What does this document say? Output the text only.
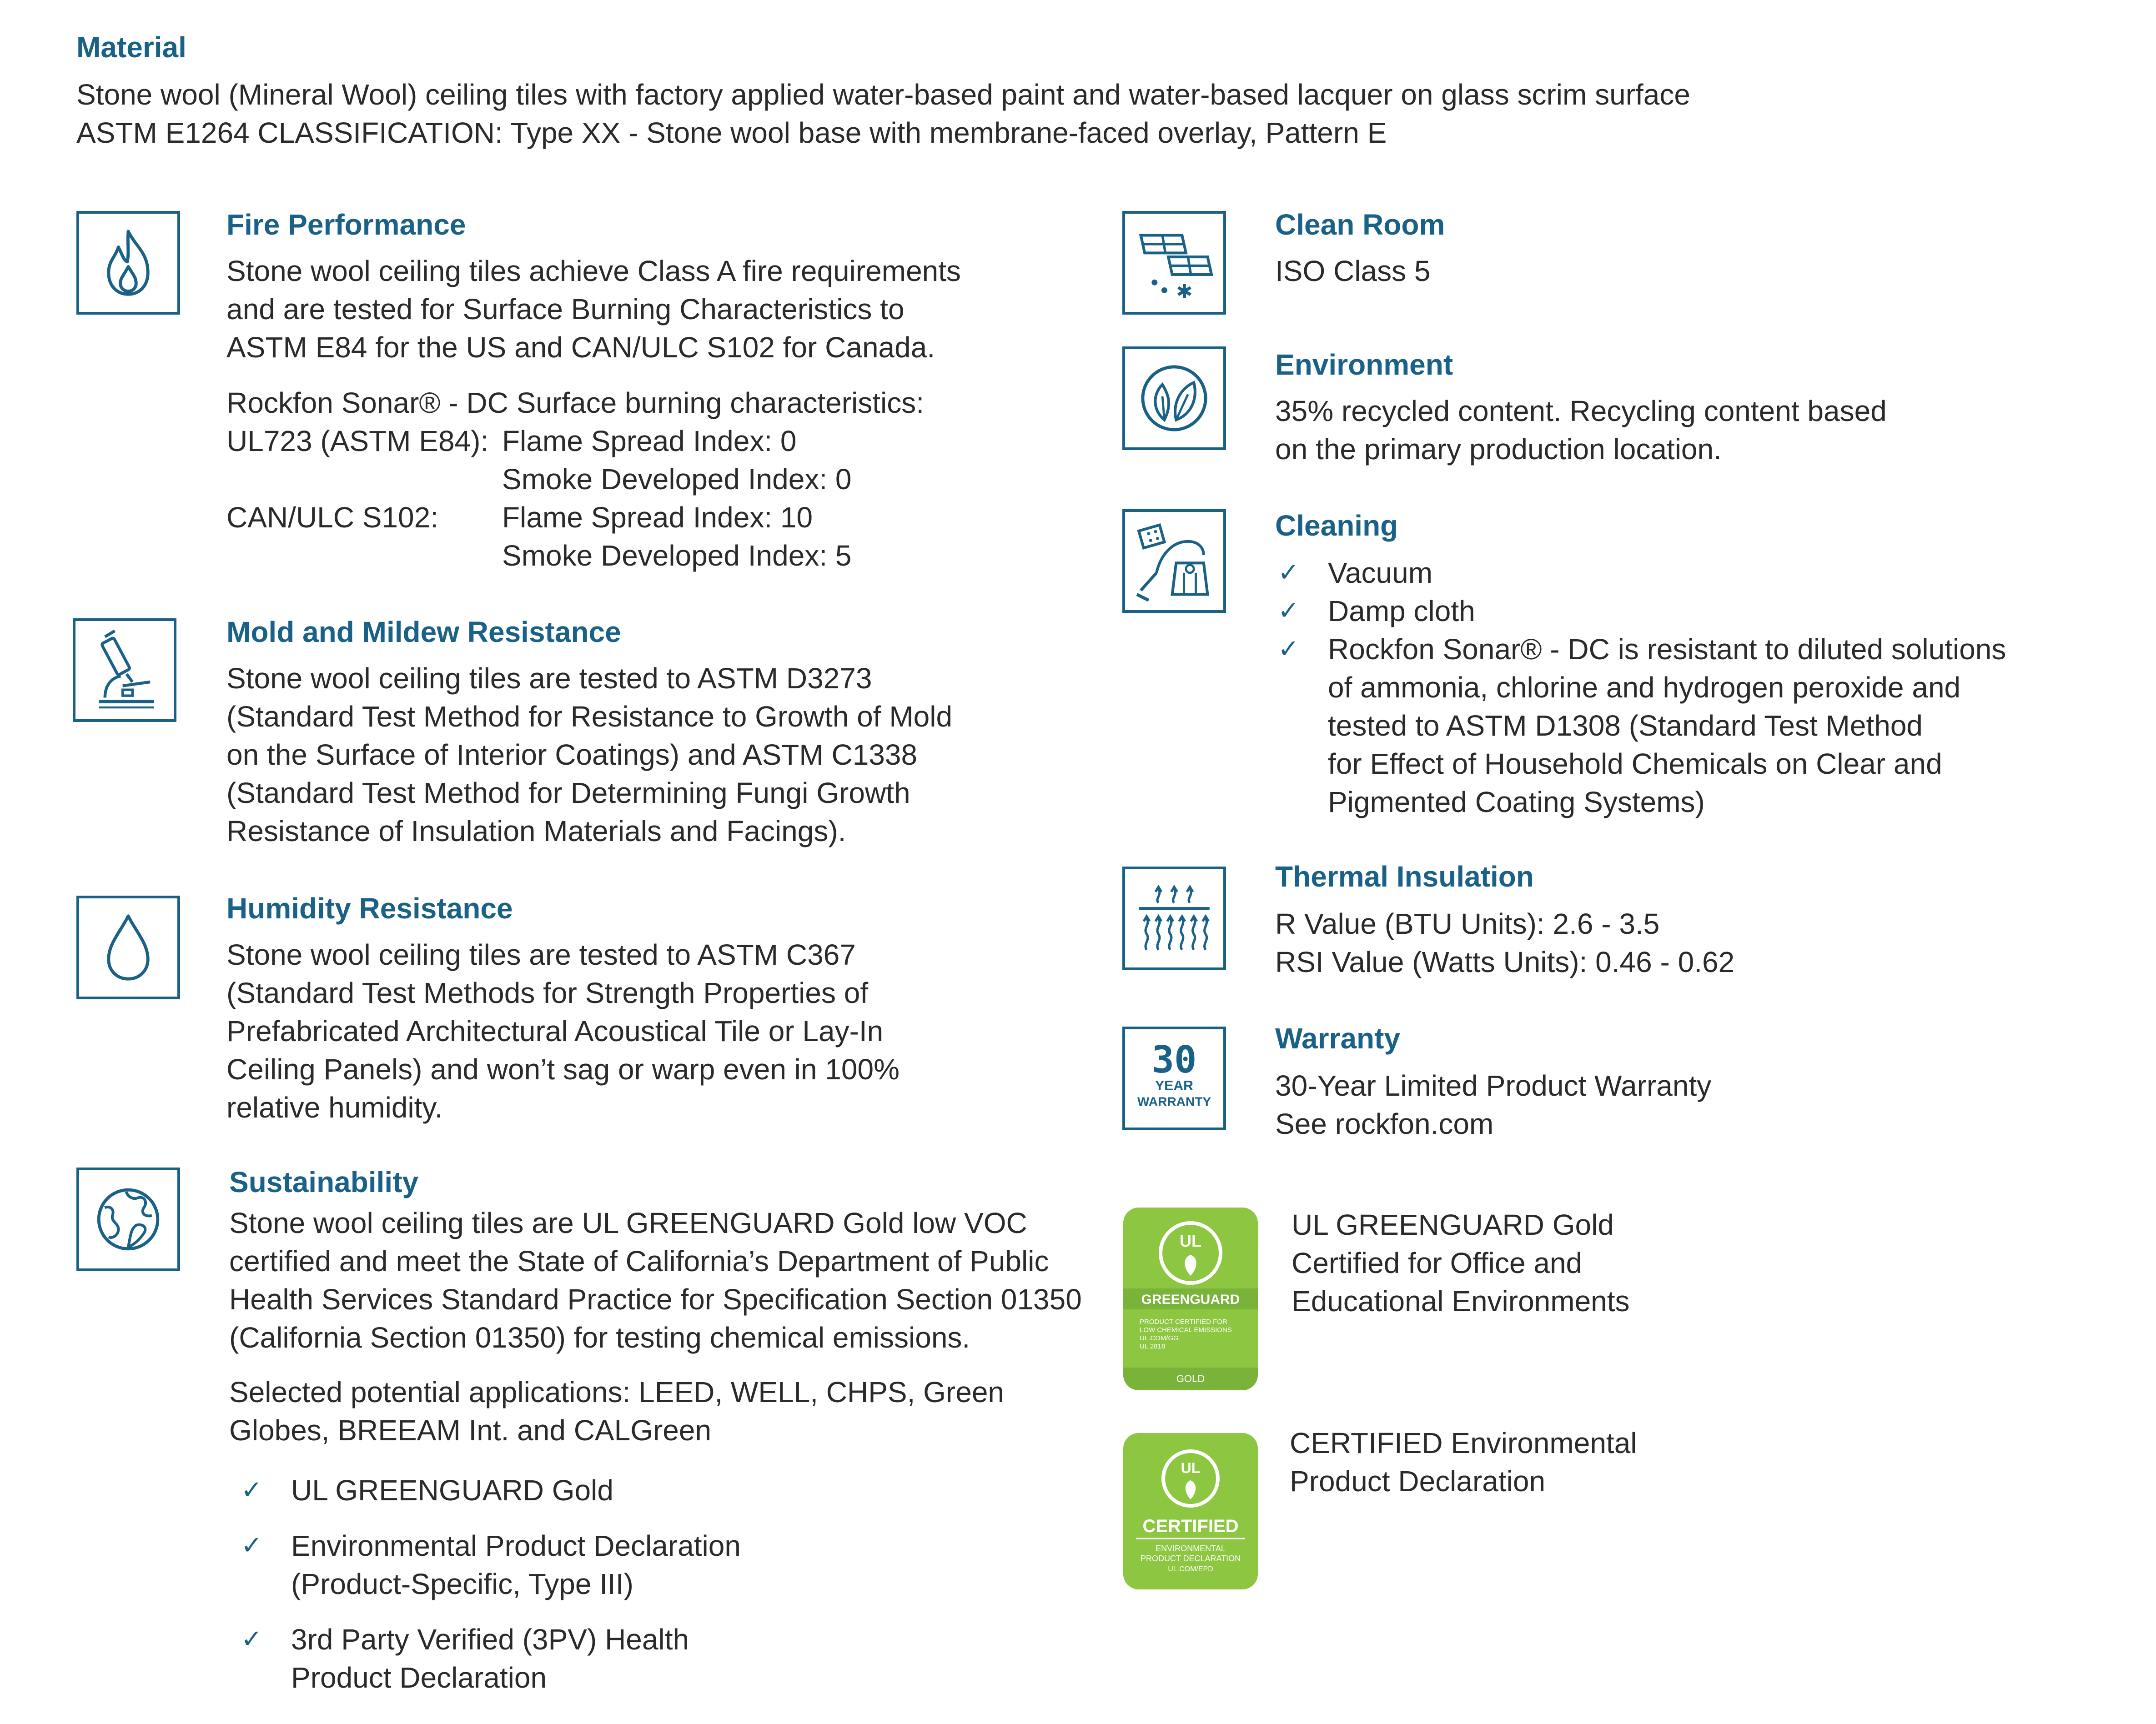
Material
Stone wool (Mineral Wool) ceiling tiles with factory applied water-based paint and water-based lacquer on glass scrim surface
ASTM E1264 CLASSIFICATION: Type XX - Stone wool base with membrane-faced overlay, Pattern E
Fire Performance
Stone wool ceiling tiles achieve Class A fire requirements
and are tested for Surface Burning Characteristics to
ASTM E84 for the US and CAN/ULC S102 for Canada.
Rockfon Sonar® - DC Surface burning characteristics:
UL723 (ASTM E84):	Flame Spread Index: 0
	Smoke Developed Index: 0
CAN/ULC S102:	Flame Spread Index: 10
	Smoke Developed Index: 5
Mold and Mildew Resistance
Stone wool ceiling tiles are tested to ASTM D3273
(Standard Test Method for Resistance to Growth of Mold
on the Surface of Interior Coatings) and ASTM C1338
(Standard Test Method for Determining Fungi Growth
Resistance of Insulation Materials and Facings).
Humidity Resistance
Stone wool ceiling tiles are tested to ASTM C367
(Standard Test Methods for Strength Properties of
Prefabricated Architectural Acoustical Tile or Lay-In
Ceiling Panels) and won’t sag or warp even in 100%
relative humidity.
Sustainability
Stone wool ceiling tiles are UL GREENGUARD Gold low VOC
certified and meet the State of California’s Department of Public
Health Services Standard Practice for Specification Section 01350
(California Section 01350) for testing chemical emissions.
Selected potential applications: LEED, WELL, CHPS, Green
Globes, BREEAM Int. and CALGreen
✓ UL GREENGUARD Gold
✓ Environmental Product Declaration
(Product-Specific, Type III)
✓ 3rd Party Verified (3PV) Health
Product Declaration
✱
Clean Room
ISO Class 5
Environment
35% recycled content. Recycling content based
on the primary production location.
Cleaning
✓ Vacuum
✓ Damp cloth
✓ Rockfon Sonar® - DC is resistant to diluted solutions
of ammonia, chlorine and hydrogen peroxide and
tested to ASTM D1308 (Standard Test Method
for Effect of Household Chemicals on Clear and
Pigmented Coating Systems)
Thermal Insulation
R Value (BTU Units): 2.6 - 3.5
RSI Value (Watts Units): 0.46 - 0.62
30
YEAR
WARRANTY
Warranty
30-Year Limited Product Warranty
See rockfon.com
UL
GREENGUARD
PRODUCT CERTIFIED FOR
LOW CHEMICAL EMISSIONS
UL.COM/GG
UL 2818
GOLD
UL GREENGUARD Gold
Certified for Office and
Educational Environments
UL
CERTIFIED
ENVIRONMENTAL
PRODUCT DECLARATION
UL.COM/EPD
CERTIFIED Environmental
Product Declaration
